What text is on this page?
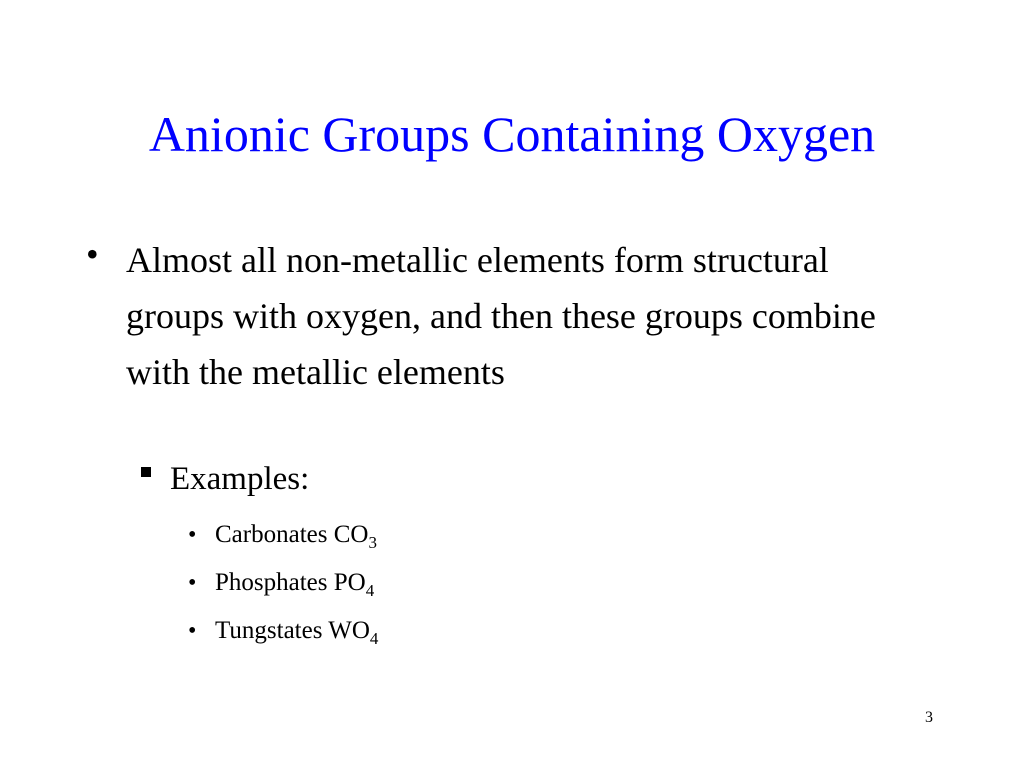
Anionic Groups Containing Oxygen
• Almost all non-metallic elements form structural groups with oxygen, and then these groups combine with the metallic elements
Examples:
• Carbonates $CO_3$
• Phosphates $PO_4$
• Tungstates $WO_4$
3
